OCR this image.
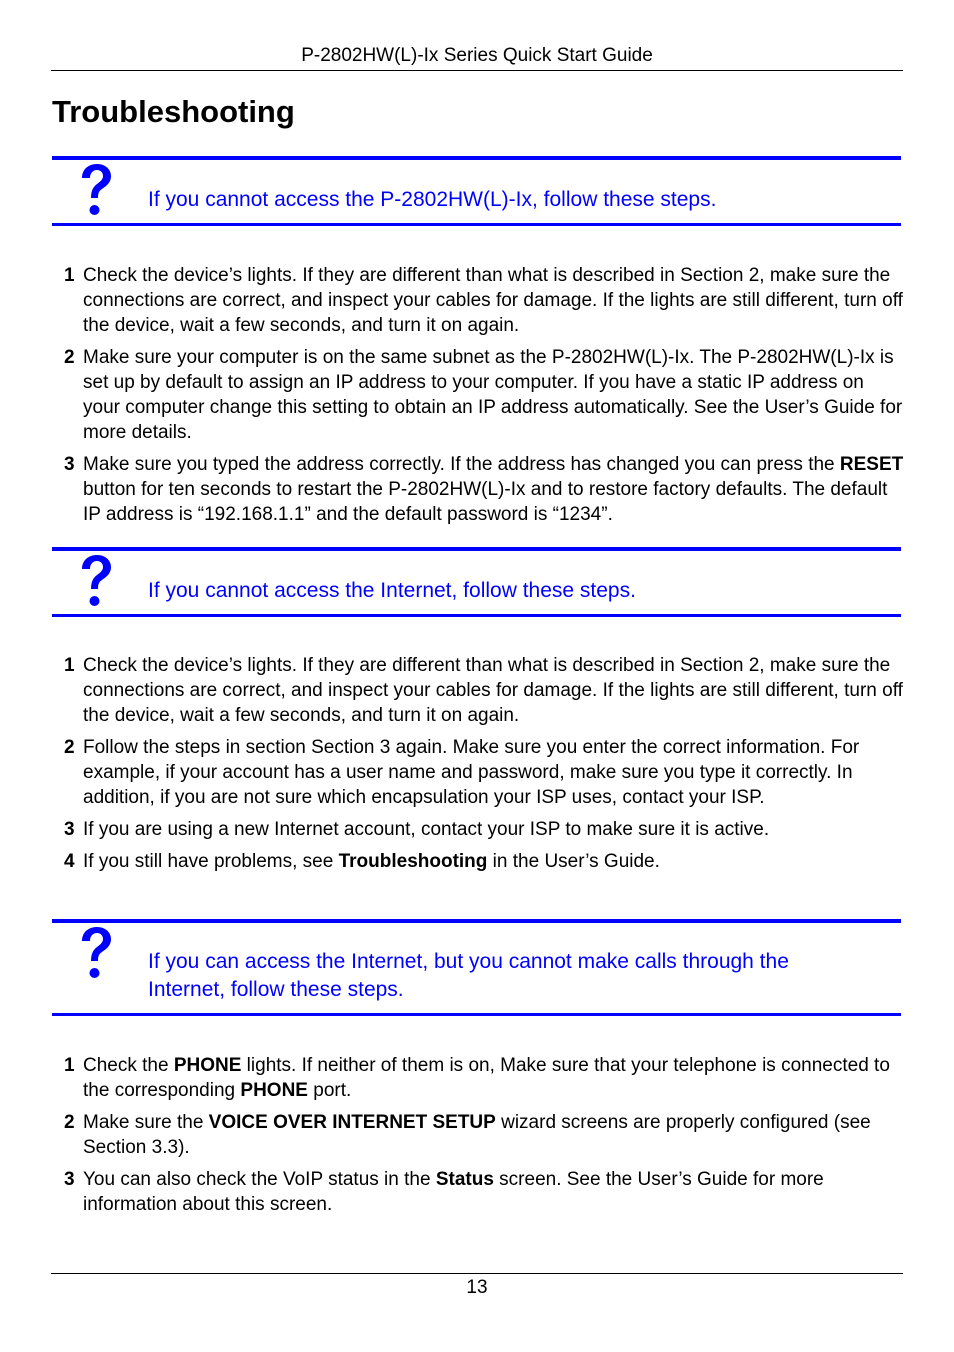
P-2802HW(L)-Ix Series Quick Start Guide
Troubleshooting
If you cannot access the P-2802HW(L)-Ix, follow these steps.
1 Check the device’s lights. If they are different than what is described in Section 2, make sure the connections are correct, and inspect your cables for damage. If the lights are still different, turn off the device, wait a few seconds, and turn it on again.
2 Make sure your computer is on the same subnet as the P-2802HW(L)-Ix. The P-2802HW(L)-Ix is set up by default to assign an IP address to your computer. If you have a static IP address on your computer change this setting to obtain an IP address automatically. See the User’s Guide for more details.
3 Make sure you typed the address correctly. If the address has changed you can press the RESET button for ten seconds to restart the P-2802HW(L)-Ix and to restore factory defaults. The default IP address is “192.168.1.1” and the default password is “1234”.
If you cannot access the Internet, follow these steps.
1 Check the device’s lights. If they are different than what is described in Section 2, make sure the connections are correct, and inspect your cables for damage. If the lights are still different, turn off the device, wait a few seconds, and turn it on again.
2 Follow the steps in section Section 3 again. Make sure you enter the correct information. For example, if your account has a user name and password, make sure you type it correctly. In addition, if you are not sure which encapsulation your ISP uses, contact your ISP.
3 If you are using a new Internet account, contact your ISP to make sure it is active.
4 If you still have problems, see Troubleshooting in the User’s Guide.
If you can access the Internet, but you cannot make calls through the Internet, follow these steps.
1 Check the PHONE lights. If neither of them is on, Make sure that your telephone is connected to the corresponding PHONE port.
2 Make sure the VOICE OVER INTERNET SETUP wizard screens are properly configured (see Section 3.3).
3 You can also check the VoIP status in the Status screen. See the User’s Guide for more information about this screen.
13
